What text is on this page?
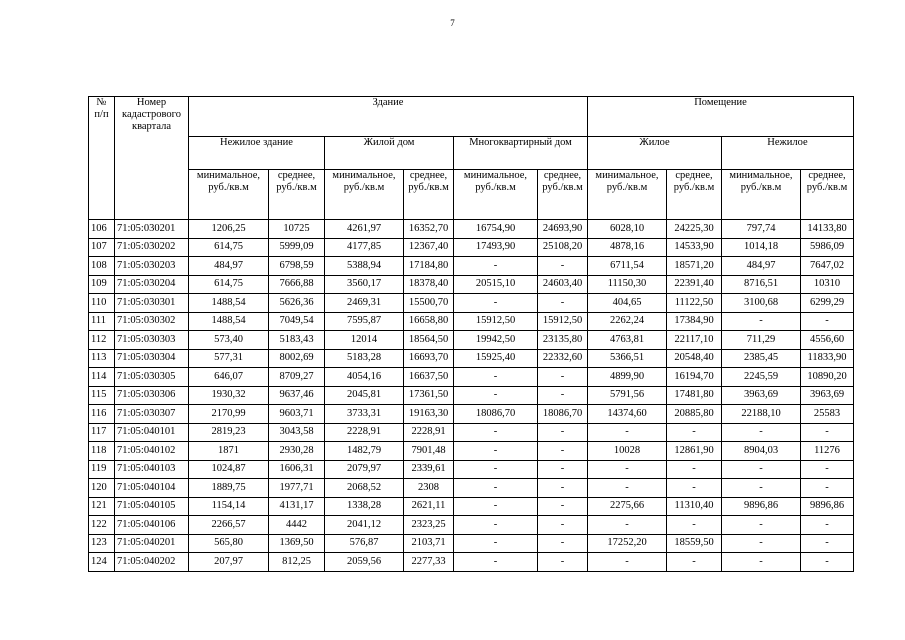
7
№ п/п	Номер кадастрового квартала	Здание						Помещение			
		Нежилое здание		Жилой дом		Многоквартирный дом		Жилое		Нежилое	
		минимальное, руб./кв.м	среднее, руб./кв.м	минимальное, руб./кв.м	среднее, руб./кв.м	минимальное, руб./кв.м	среднее, руб./кв.м	минимальное, руб./кв.м	среднее, руб./кв.м	минимальное, руб./кв.м	среднее, руб./кв.м
106	71:05:030201	1206,25	10725	4261,97	16352,70	16754,90	24693,90	6028,10	24225,30	797,74	14133,80
107	71:05:030202	614,75	5999,09	4177,85	12367,40	17493,90	25108,20	4878,16	14533,90	1014,18	5986,09
108	71:05:030203	484,97	6798,59	5388,94	17184,80	-	-	6711,54	18571,20	484,97	7647,02
109	71:05:030204	614,75	7666,88	3560,17	18378,40	20515,10	24603,40	11150,30	22391,40	8716,51	10310
110	71:05:030301	1488,54	5626,36	2469,31	15500,70	-	-	404,65	11122,50	3100,68	6299,29
111	71:05:030302	1488,54	7049,54	7595,87	16658,80	15912,50	15912,50	2262,24	17384,90	-	-
112	71:05:030303	573,40	5183,43	12014	18564,50	19942,50	23135,80	4763,81	22117,10	711,29	4556,60
113	71:05:030304	577,31	8002,69	5183,28	16693,70	15925,40	22332,60	5366,51	20548,40	2385,45	11833,90
114	71:05:030305	646,07	8709,27	4054,16	16637,50	-	-	4899,90	16194,70	2245,59	10890,20
115	71:05:030306	1930,32	9637,46	2045,81	17361,50	-	-	5791,56	17481,80	3963,69	3963,69
116	71:05:030307	2170,99	9603,71	3733,31	19163,30	18086,70	18086,70	14374,60	20885,80	22188,10	25583
117	71:05:040101	2819,23	3043,58	2228,91	2228,91	-	-	-	-	-	-
118	71:05:040102	1871	2930,28	1482,79	7901,48	-	-	10028	12861,90	8904,03	11276
119	71:05:040103	1024,87	1606,31	2079,97	2339,61	-	-	-	-	-	-
120	71:05:040104	1889,75	1977,71	2068,52	2308	-	-	-	-	-	-
121	71:05:040105	1154,14	4131,17	1338,28	2621,11	-	-	2275,66	11310,40	9896,86	9896,86
122	71:05:040106	2266,57	4442	2041,12	2323,25	-	-	-	-	-	-
123	71:05:040201	565,80	1369,50	576,87	2103,71	-	-	17252,20	18559,50	-	-
124	71:05:040202	207,97	812,25	2059,56	2277,33	-	-	-	-	-	-
